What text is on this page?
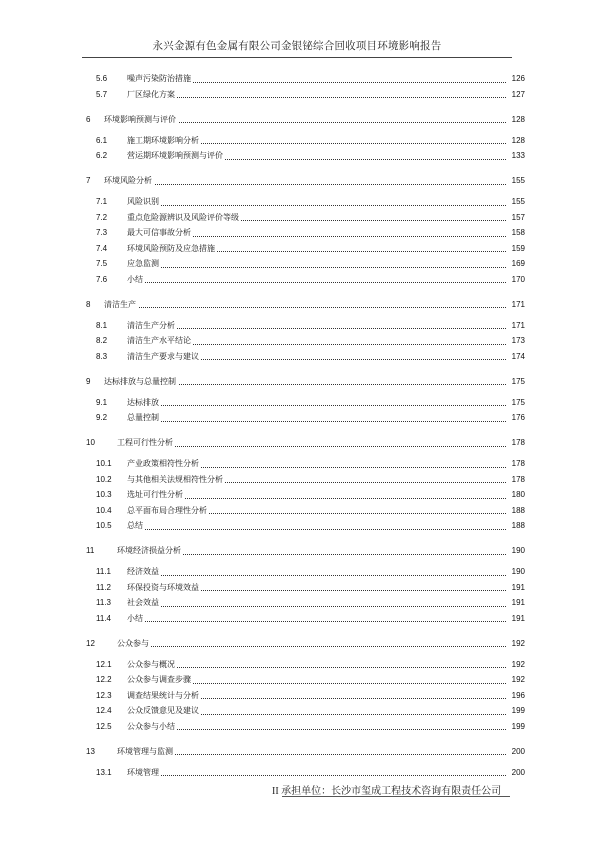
永兴金源有色金属有限公司金银铋综合回收项目环境影响报告
5.6 噪声污染防治措施	126
5.7 厂区绿化方案	127
6 环境影响预测与评价	128
6.1 施工期环境影响分析	128
6.2 营运期环境影响预测与评价	133
7 环境风险分析	155
7.1 风险识别	155
7.2 重点危险源辨识及风险评价等级	157
7.3 最大可信事故分析	158
7.4 环境风险预防及应急措施	159
7.5 应急监测	169
7.6 小结	170
8 清洁生产	171
8.1 清洁生产分析	171
8.2 清洁生产水平结论	173
8.3 清洁生产要求与建议	174
9 达标排放与总量控制	175
9.1 达标排放	175
9.2 总量控制	176
10	工程可行性分析	178
10.1 产业政策相符性分析	178
10.2 与其他相关法规相符性分析	178
10.3 选址可行性分析	180
10.4 总平面布局合理性分析	188
10.5 总结	188
11	环境经济损益分析	190
11.1 经济效益	190
11.2 环保投资与环境效益	191
11.3 社会效益	191
11.4 小结	191
12	公众参与	192
12.1 公众参与概况	192
12.2 公众参与调查步骤	192
12.3 调查结果统计与分析	196
12.4 公众反馈意见及建议	199
12.5 公众参与小结	199
13	环境管理与监测	200
13.1 环境管理	200
II 承担单位：长沙市玺成工程技术咨询有限责任公司
